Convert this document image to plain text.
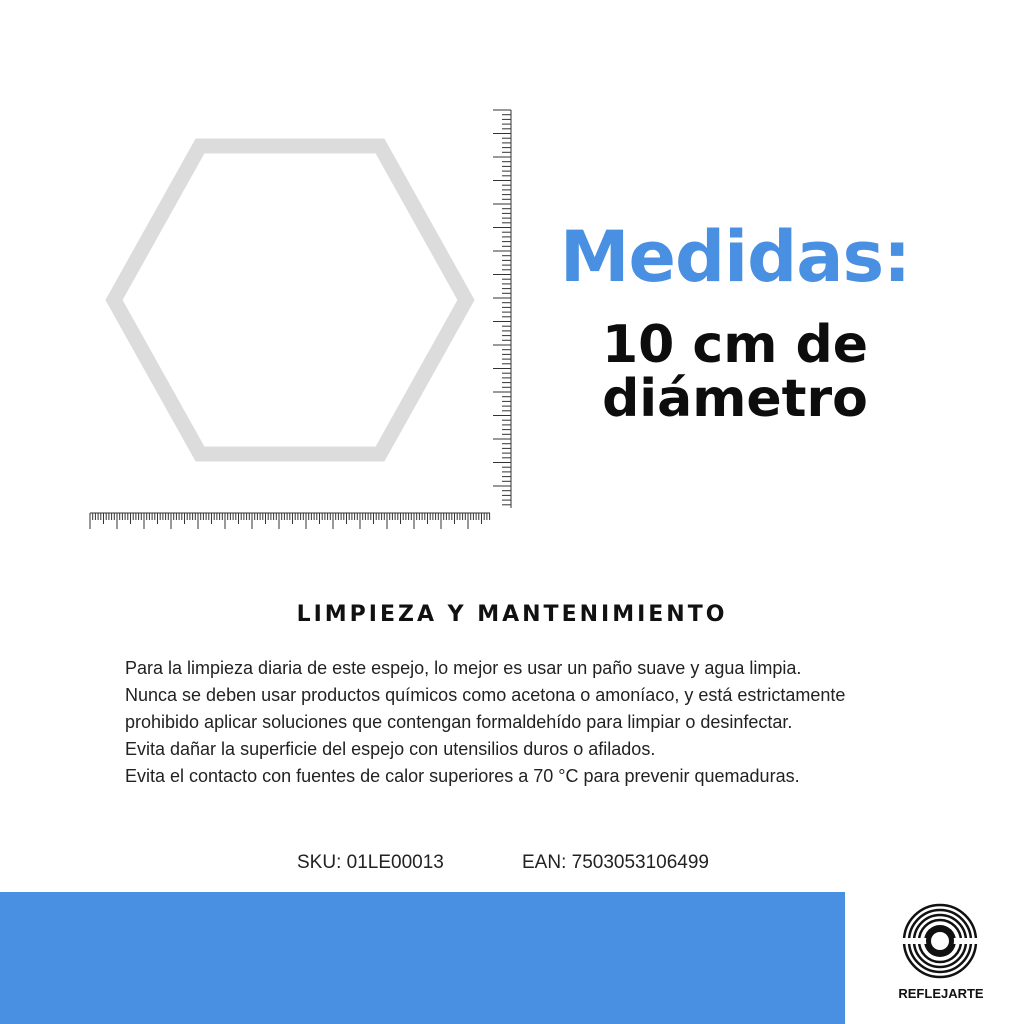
Medidas:
10 cm de
diámetro
LIMPIEZA Y MANTENIMIENTO
Para la limpieza diaria de este espejo, lo mejor es usar un paño suave y agua limpia.
Nunca se deben usar productos químicos como acetona o amoníaco, y está estrictamente
prohibido aplicar soluciones que contengan formaldehído para limpiar o desinfectar.
Evita dañar la superficie del espejo con utensilios duros o afilados.
Evita el contacto con fuentes de calor superiores a 70 °C para prevenir quemaduras.
SKU: 01LE00013	EAN: 7503053106499
REFLEJARTE
